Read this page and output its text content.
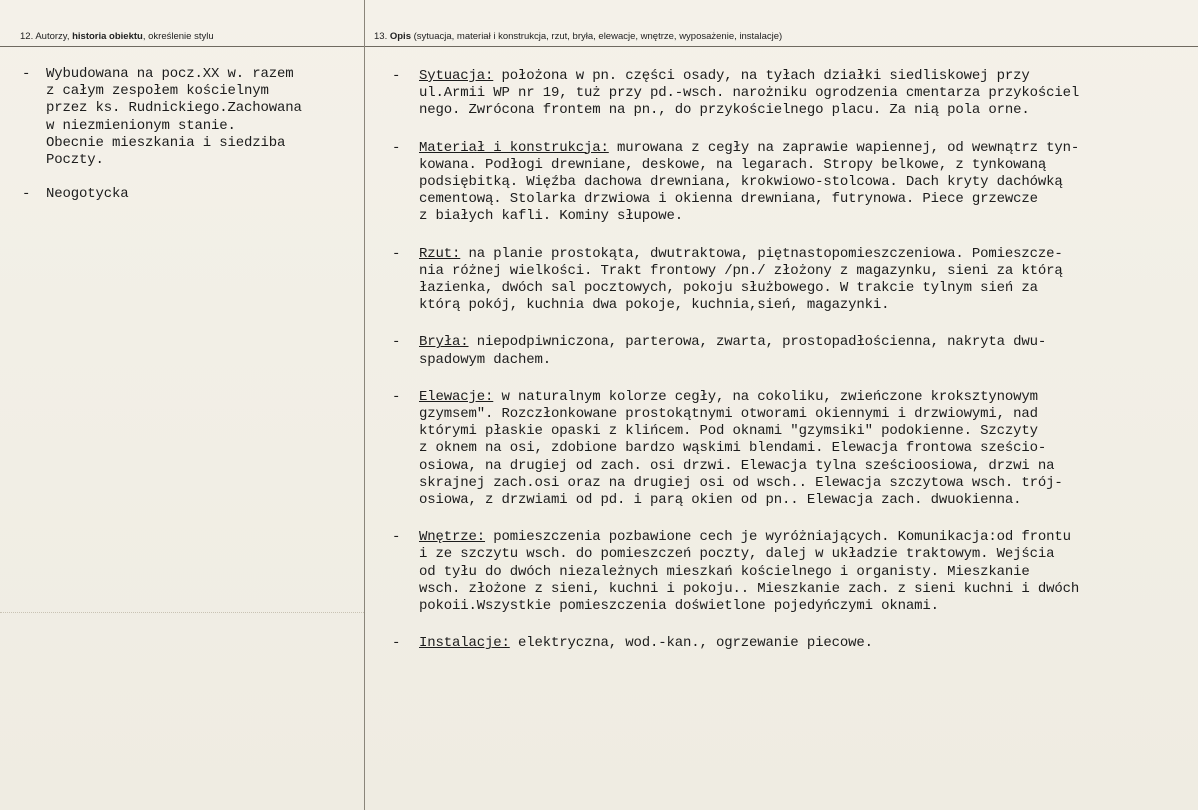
12. Autorzy, historia obiektu, określenie stylu	13. Opis (sytuacja, materiał i konstrukcja, rzut, bryła, elewacje, wnętrze, wyposażenie, instalacje)
- Wybudowana na pocz.XX w. razem
z całym zespołem kościelnym
przez ks. Rudnickiego.Zachowana
w niezmienionym stanie.
Obecnie mieszkania i siedziba
Poczty.

- Neogotycka

- Sytuacja: położona w pn. części osady, na tyłach działki siedliskowej przy
ul.Armii WP nr 19, tuż przy pd.-wsch. narożniku ogrodzenia cmentarza przykościel
nego. Zwrócona frontem na pn., do przykościelnego placu. Za nią pola orne.

- Materiał i konstrukcja: murowana z cegły na zaprawie wapiennej, od wewnątrz tyn-
kowana. Podłogi drewniane, deskowe, na legarach. Stropy belkowe, z tynkowaną
podsiębitką. Więźba dachowa drewniana, krokwiowo-stolcowa. Dach kryty dachówką
cementową. Stolarka drzwiowa i okienna drewniana, futrynowa. Piece grzewcze
z białych kafli. Kominy słupowe.

- Rzut: na planie prostokąta, dwutraktowa, piętnastopomieszczeniowa. Pomieszcze-
nia różnej wielkości. Trakt frontowy /pn./ złożony z magazynku, sieni za którą
łazienka, dwóch sal pocztowych, pokoju służbowego. W trakcie tylnym sień za
którą pokój, kuchnia dwa pokoje, kuchnia,sień, magazynki.

- Bryła: niepodpiwniczona, parterowa, zwarta, prostopadłościenna, nakryta dwu-
spadowym dachem.

- Elewacje: w naturalnym kolorze cegły, na cokoliku, zwieńczone kroksztynowym
gzymsem". Rozczłonkowane prostokątnymi otworami okiennymi i drzwiowymi, nad
którymi płaskie opaski z klińcem. Pod oknami "gzymsiki" podokienne. Szczyty
z oknem na osi, zdobione bardzo wąskimi blendami. Elewacja frontowa sześcio-
osiowa, na drugiej od zach. osi drzwi. Elewacja tylna sześcioosiowa, drzwi na
skrajnej zach.osi oraz na drugiej osi od wsch.. Elewacja szczytowa wsch. trój-
osiowa, z drzwiami od pd. i parą okien od pn.. Elewacja zach. dwuokienna.

- Wnętrze: pomieszczenia pozbawione cech je wyróżniających. Komunikacja:od frontu
i ze szczytu wsch. do pomieszczeń poczty, dalej w układzie traktowym. Wejścia
od tyłu do dwóch niezależnych mieszkań kościelnego i organisty. Mieszkanie
wsch. złożone z sieni, kuchni i pokoju.. Mieszkanie zach. z sieni kuchni i dwóch
pokoii.Wszystkie pomieszczenia doświetlone pojedyńczymi oknami.

- Instalacje: elektryczna, wod.-kan., ogrzewanie piecowe.
